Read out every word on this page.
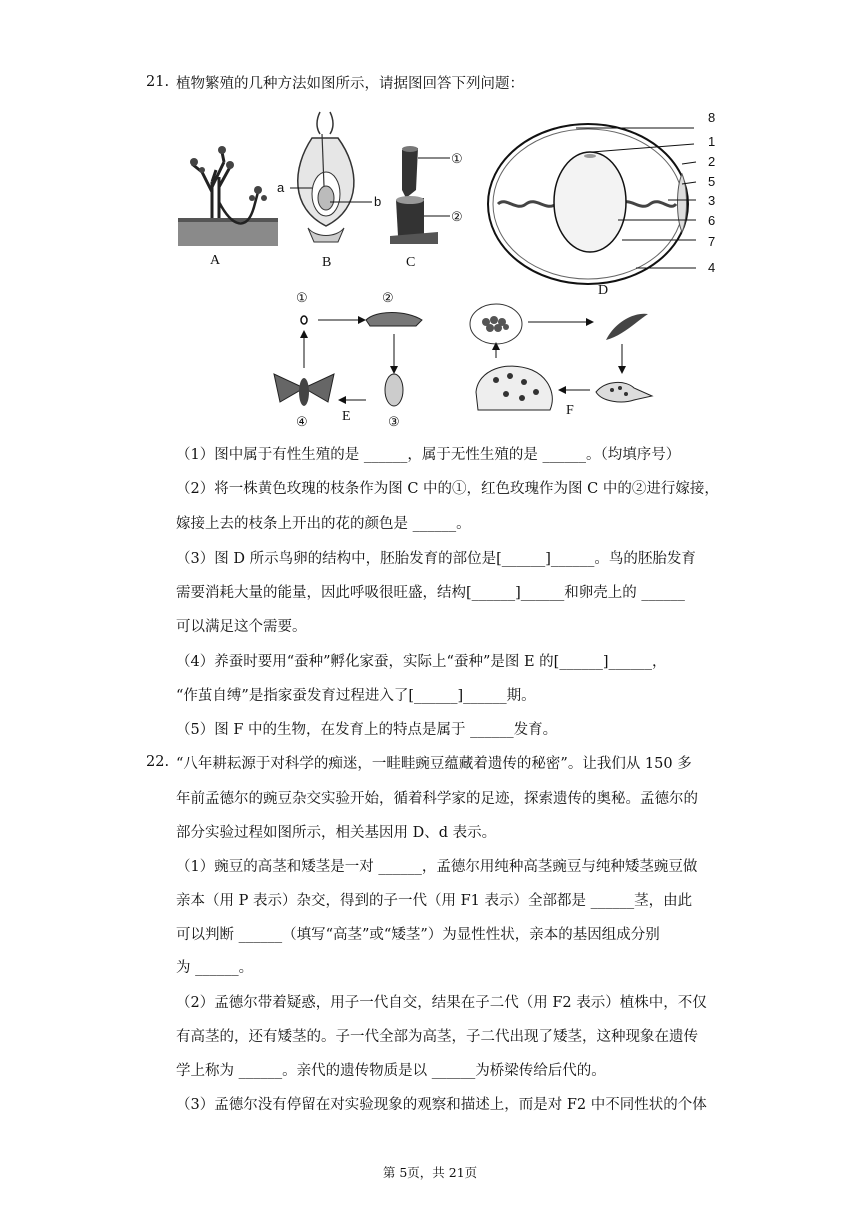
21. 植物繁殖的几种方法如图所示，请据图回答下列问题：
A
a
b
B
①
②
C
8
1
2
5
3
6
7
4
D
①	②
③
E
④
F
（1）图中属于有性生殖的是 ______，属于无性生殖的是 ______。（均填序号）
（2）将一株黄色玫瑰的枝条作为图 C 中的①，红色玫瑰作为图 C 中的②进行嫁接，
嫁接上去的枝条上开出的花的颜色是 ______。
（3）图 D 所示鸟卵的结构中，胚胎发育的部位是[______]______。鸟的胚胎发育
需要消耗大量的能量，因此呼吸很旺盛，结构[______]______和卵壳上的 ______
可以满足这个需要。
（4）养蚕时要用“蚕种”孵化家蚕，实际上“蚕种”是图 E 的[______]______，
“作茧自缚”是指家蚕发育过程进入了[______]______期。
（5）图 F 中的生物，在发育上的特点是属于 ______发育。
22. “八年耕耘源于对科学的痴迷，一畦畦豌豆蕴藏着遗传的秘密”。让我们从 150 多
年前孟德尔的豌豆杂交实验开始，循着科学家的足迹，探索遗传的奥秘。孟德尔的
部分实验过程如图所示，相关基因用 D、d 表示。
（1）豌豆的高茎和矮茎是一对 ______，孟德尔用纯种高茎豌豆与纯种矮茎豌豆做
亲本（用 P 表示）杂交，得到的子一代（用 F1 表示）全部都是 ______茎，由此
可以判断 ______（填写“高茎”或“矮茎”）为显性性状，亲本的基因组成分别
为 ______。
（2）孟德尔带着疑惑，用子一代自交，结果在子二代（用 F2 表示）植株中，不仅
有高茎的，还有矮茎的。子一代全部为高茎，子二代出现了矮茎，这种现象在遗传
学上称为 ______。亲代的遗传物质是以 ______为桥梁传给后代的。
（3）孟德尔没有停留在对实验现象的观察和描述上，而是对 F2 中不同性状的个体
第 5页，共 21页
